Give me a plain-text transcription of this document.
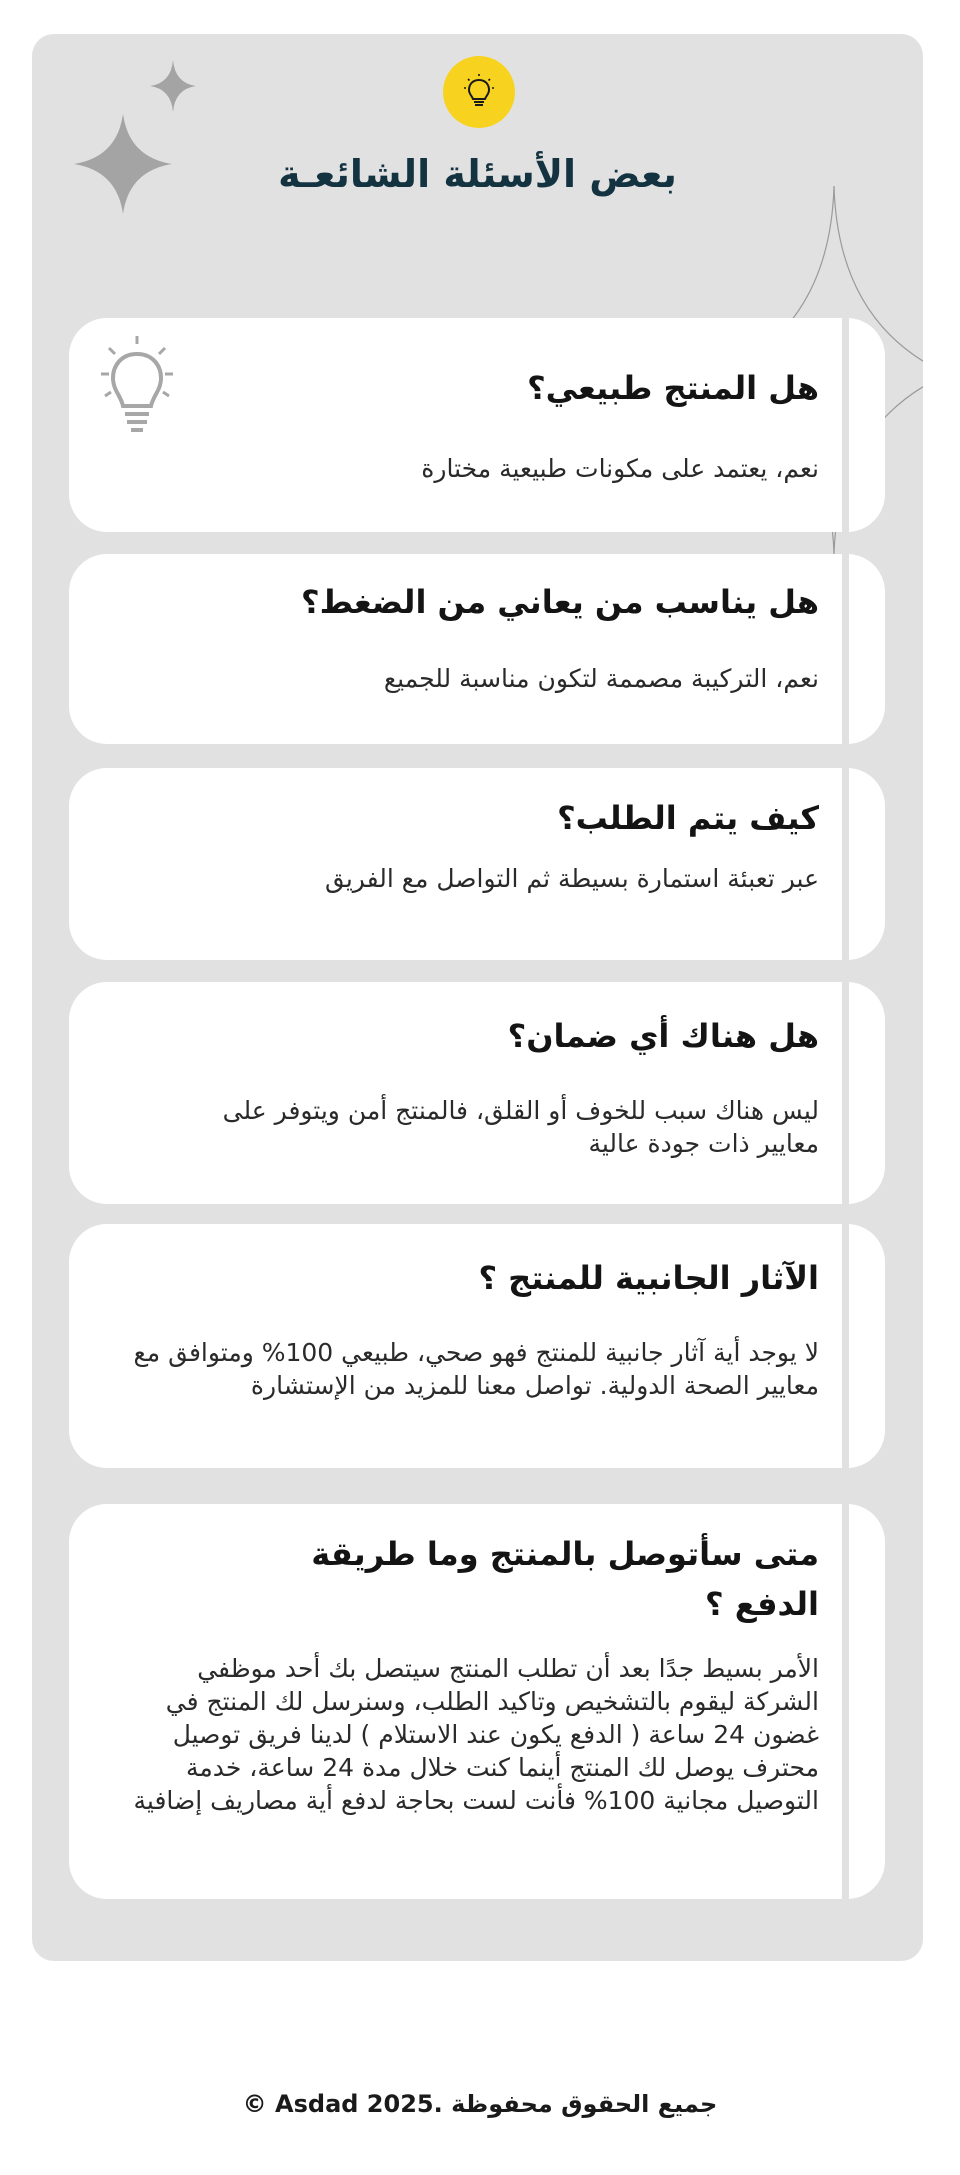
بعض الأسئلة الشائعـة
هل المنتج طبيعي؟

نعم، يعتمد على مكونات طبيعية مختارة

هل يناسب من يعاني من الضغط؟

نعم، التركيبة مصممة لتكون مناسبة للجميع

كيف يتم الطلب؟

عبر تعبئة استمارة بسيطة ثم التواصل مع الفريق

هل هناك أي ضمان؟

ليس هناك سبب للخوف أو القلق، فالمنتج أمن ويتوفر على معايير ذات جودة عالية

الآثار الجانبية للمنتج ؟

لا يوجد أية آثار جانبية للمنتج فهو صحي، طبيعي 100% ومتوافق مع معايير الصحة الدولية. تواصل معنا للمزيد من الإستشارة

متى سأتوصل بالمنتج وما طريقة الدفع ؟

الأمر بسيط جدًا بعد أن تطلب المنتج سيتصل بك أحد موظفي الشركة ليقوم بالتشخيص وتاكيد الطلب، وسنرسل لك المنتج في غضون 24 ساعة ( الدفع يكون عند الاستلام ) لدينا فريق توصيل محترف يوصل لك المنتج أينما كنت خلال مدة 24 ساعة، خدمة التوصيل مجانية 100% فأنت لست بحاجة لدفع أية مصاريف إضافية

جميع الحقوق محفوظة .Asdad 2025 ©
